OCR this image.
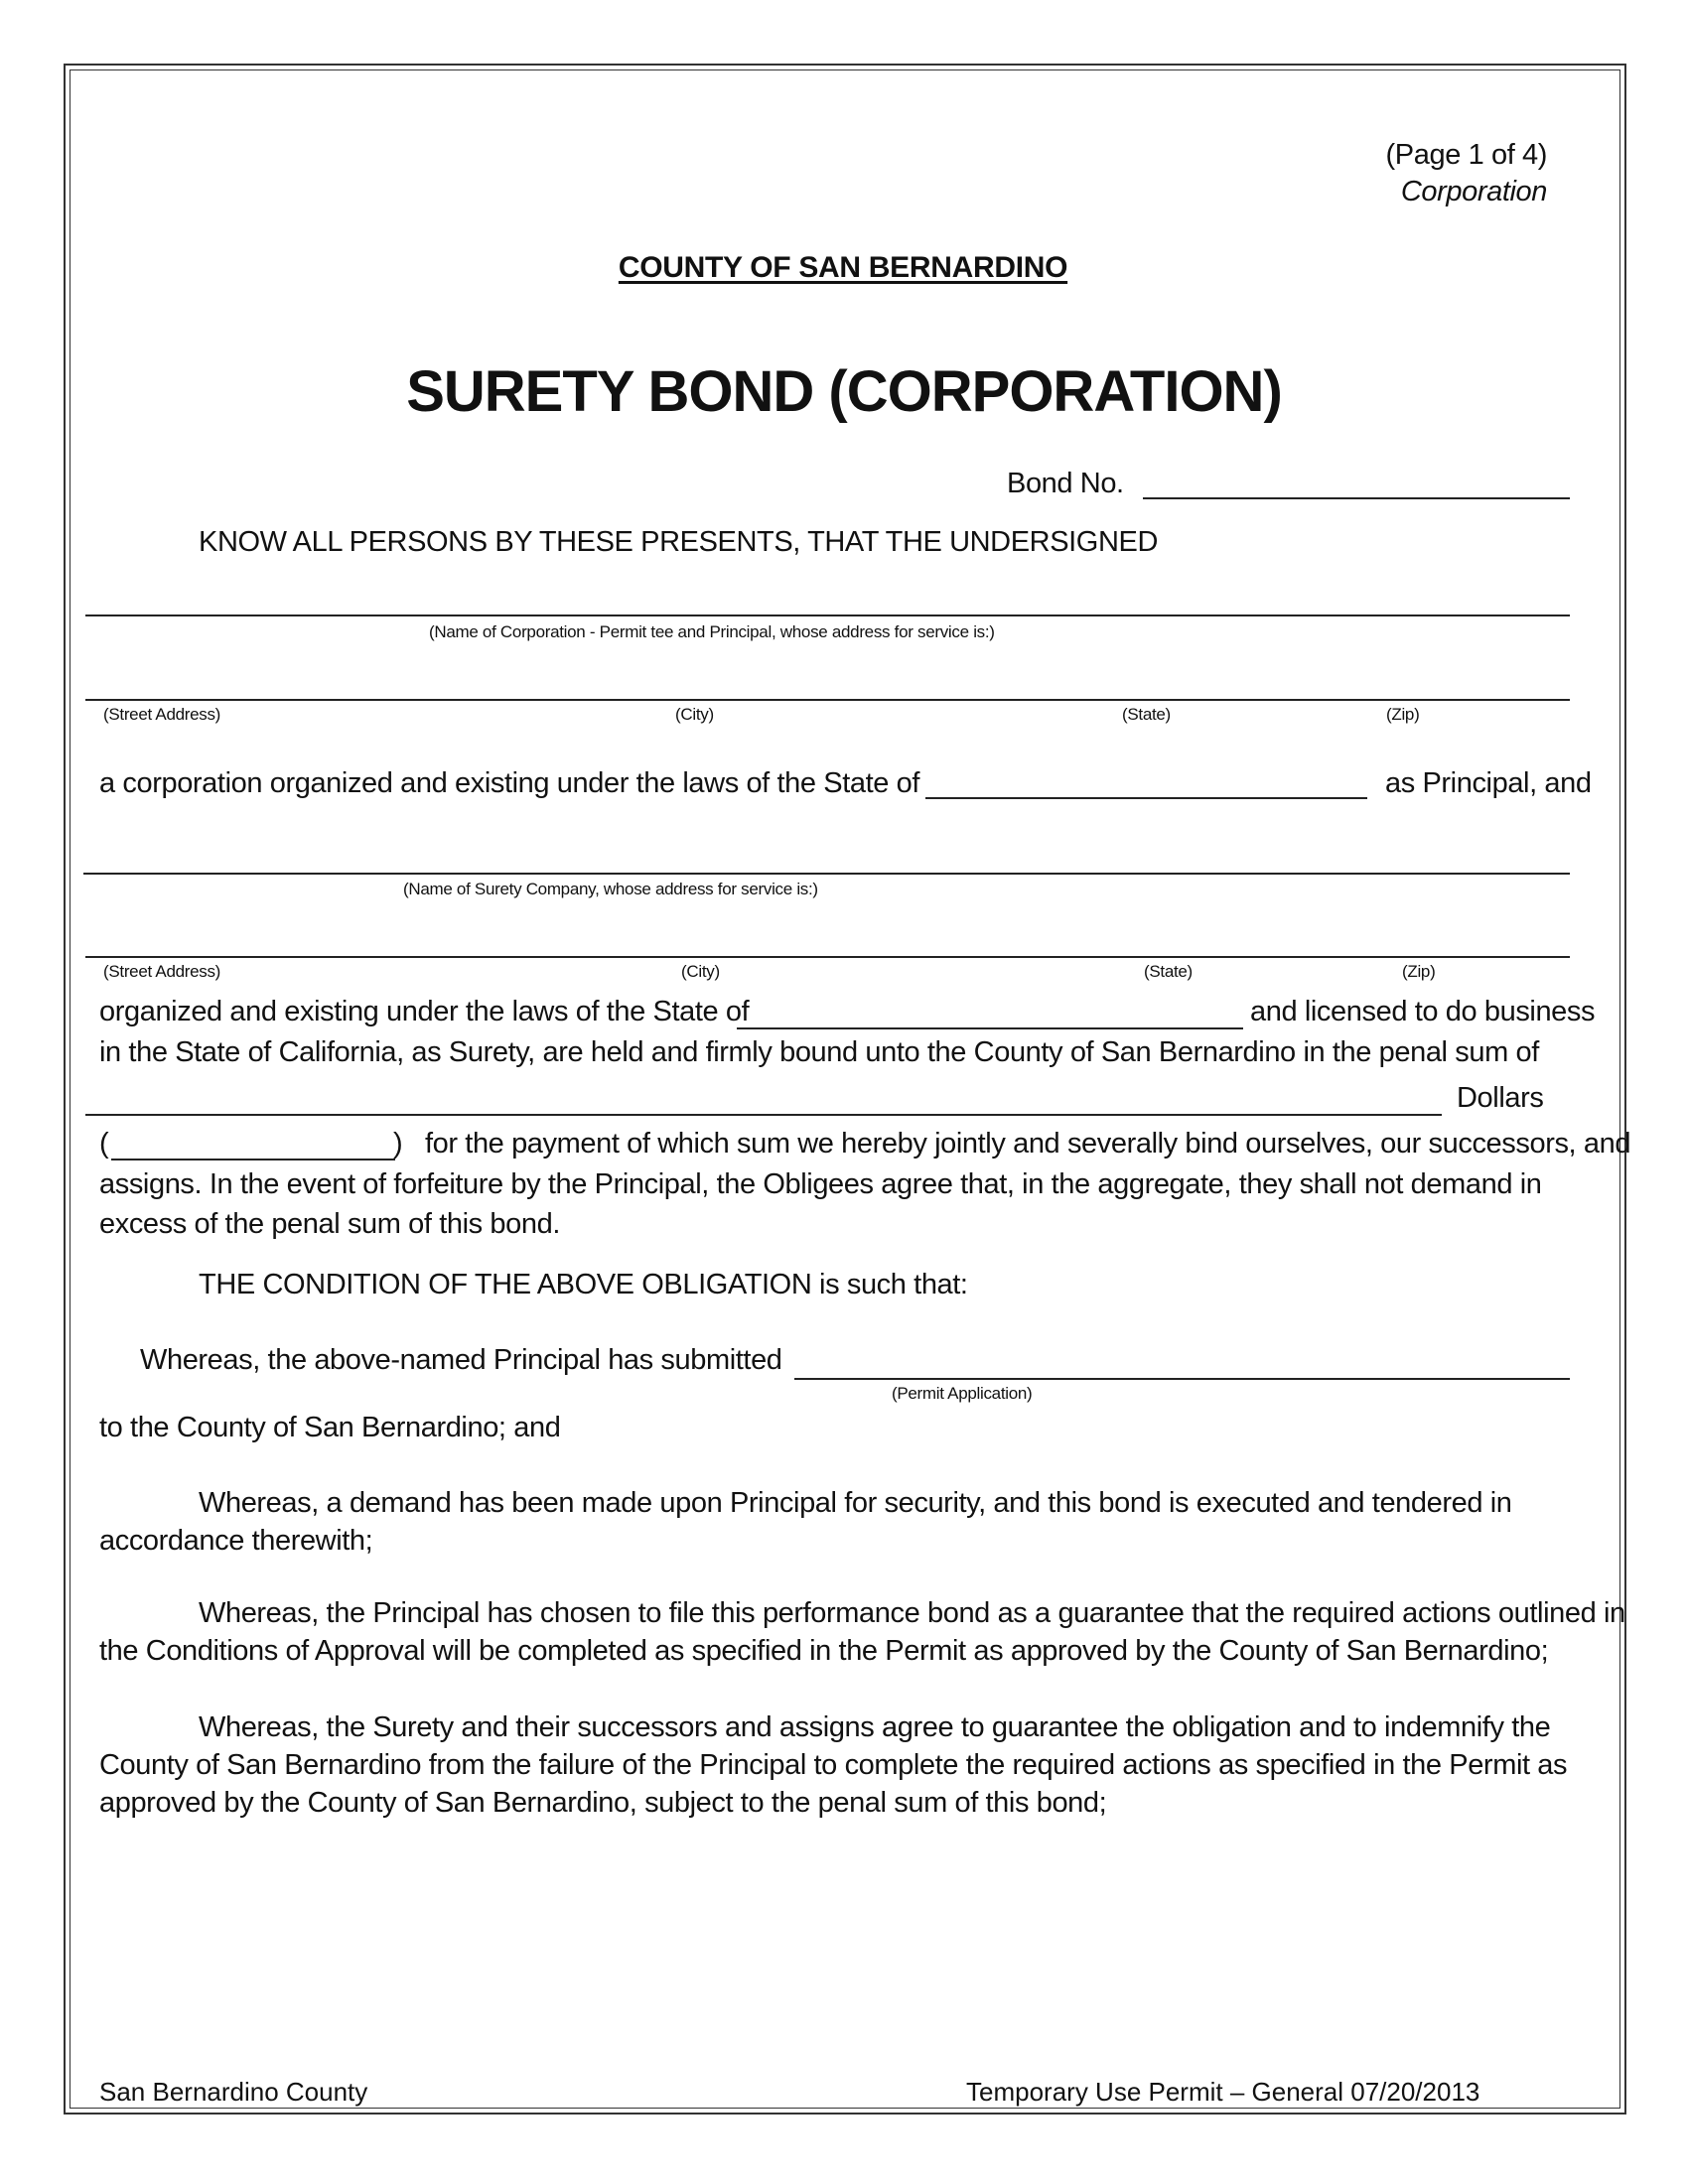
(Page 1 of 4)
Corporation
COUNTY OF SAN BERNARDINO
SURETY BOND (CORPORATION)
Bond No.
KNOW ALL PERSONS BY THESE PRESENTS, THAT THE UNDERSIGNED
(Name of Corporation - Permit tee and Principal, whose address for service is:)
(Street Address)	(City)	(State)	(Zip)
a corporation organized and existing under the laws of the State of	as Principal, and
(Name of Surety Company, whose address for service is:)
(Street Address)	(City)	(State)	(Zip)
organized and existing under the laws of the State of	and licensed to do business
in the State of California, as Surety, are held and firmly bound unto the County of San Bernardino in the penal sum of
Dollars
(	) for the payment of which sum we hereby jointly and severally bind ourselves, our successors, and
assigns. In the event of forfeiture by the Principal, the Obligees agree that, in the aggregate, they shall not demand in
excess of the penal sum of this bond.
THE CONDITION OF THE ABOVE OBLIGATION is such that:
Whereas, the above-named Principal has submitted
(Permit Application)
to the County of San Bernardino; and
Whereas, a demand has been made upon Principal for security, and this bond is executed and tendered in
accordance therewith;
Whereas, the Principal has chosen to file this performance bond as a guarantee that the required actions outlined in
the Conditions of Approval will be completed as specified in the Permit as approved by the County of San Bernardino;
Whereas, the Surety and their successors and assigns agree to guarantee the obligation and to indemnify the
County of San Bernardino from the failure of the Principal to complete the required actions as specified in the Permit as
approved by the County of San Bernardino, subject to the penal sum of this bond;
San Bernardino County	Temporary Use Permit – General 07/20/2013
